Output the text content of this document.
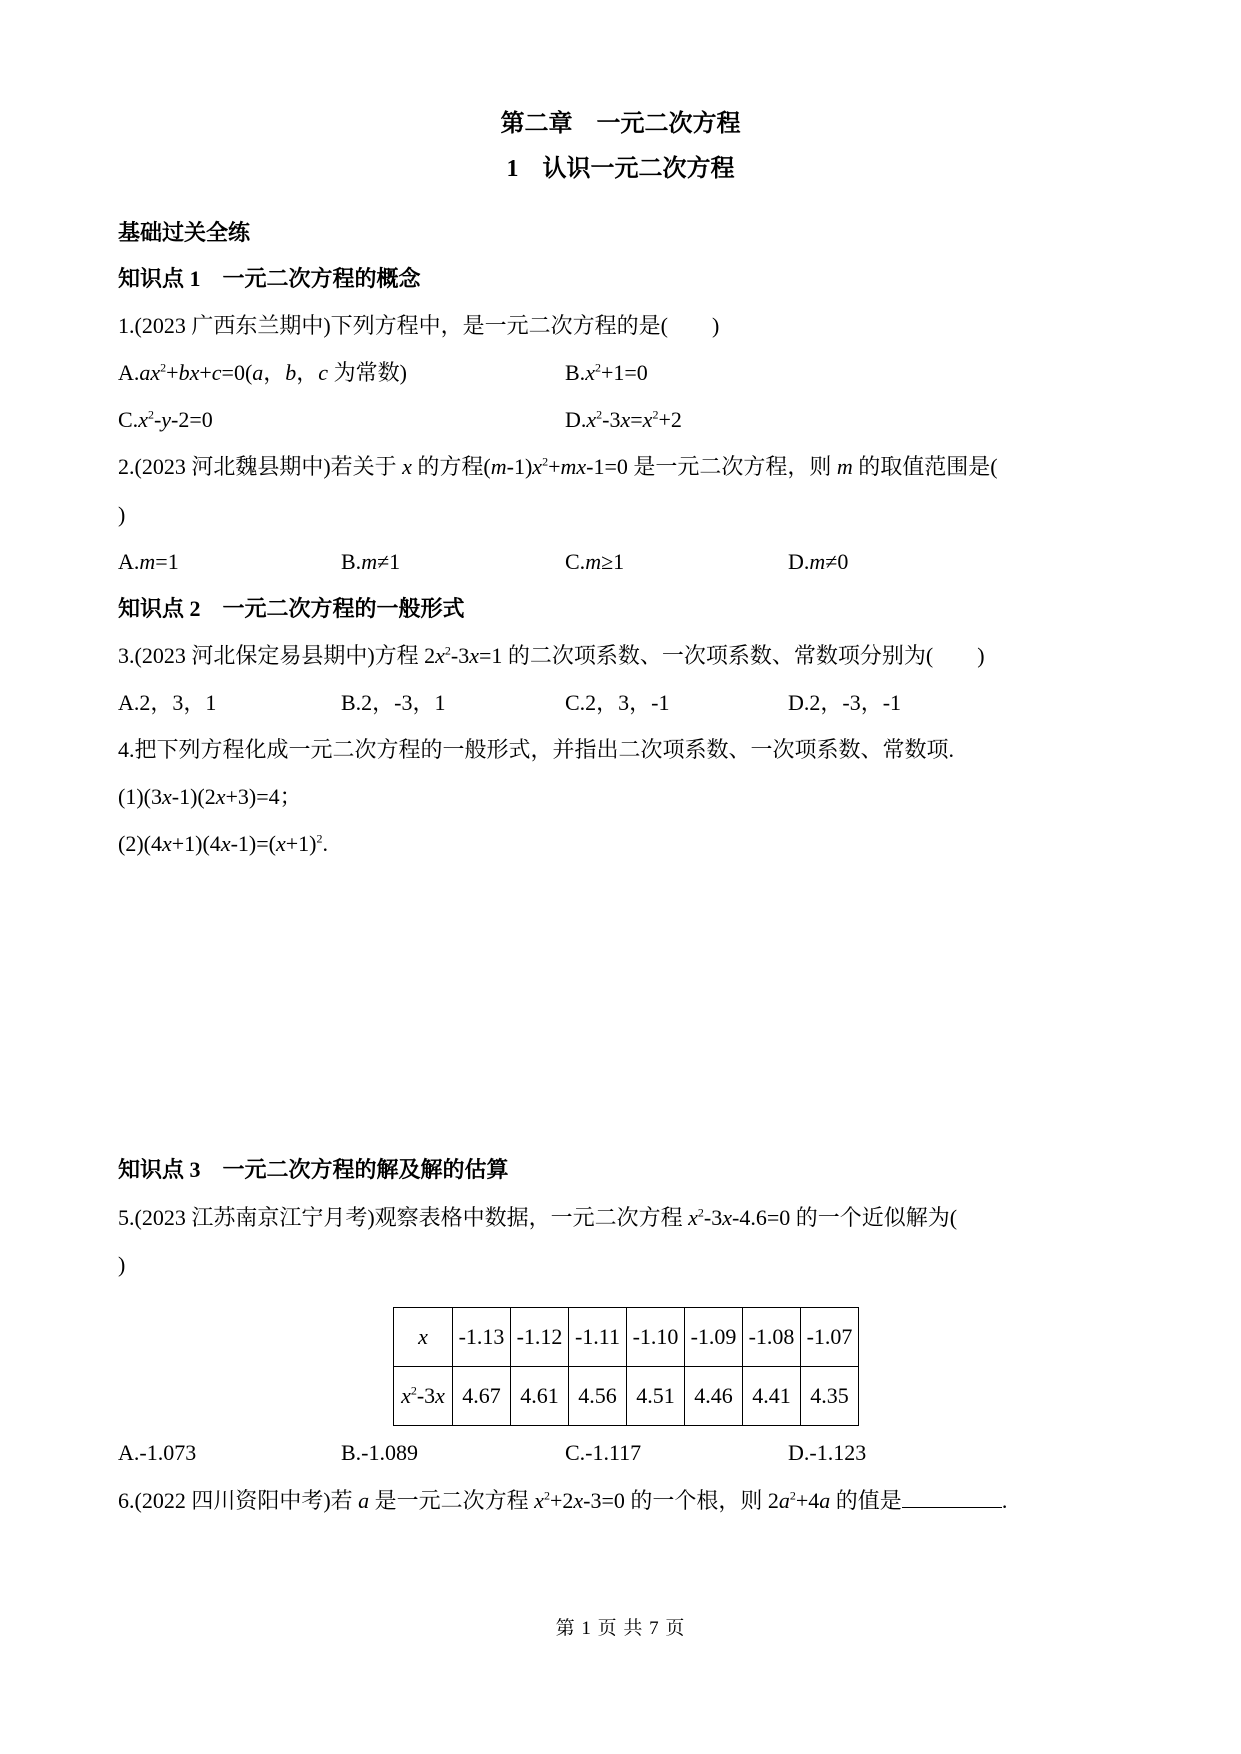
第二章　一元二次方程
1　认识一元二次方程
基础过关全练
知识点 1　一元二次方程的概念
1.(2023 广西东兰期中)下列方程中，是一元二次方程的是(　　)
$A.ax^2+bx+c=0(a$，b，c 为常数)	$B.x^2+1=0$
$C.x^2-y-2=0$	$D.x^2-3x=x^2+2$
2.(2023 河北魏县期中)若关于 x 的方程$(m-1)x^2+mx-1=0$ 是一元二次方程，则 m 的取值范围是(
)
A.m=1	B.m≠1	C.m≥1	D.m≠0
知识点 2　一元二次方程的一般形式
3.(2023 河北保定易县期中)方程 $2x^2-3x=1$ 的二次项系数、一次项系数、常数项分别为(　　)
A.2，3，1	B.2，-3，1	C.2，3，-1	D.2，-3，-1
4.把下列方程化成一元二次方程的一般形式，并指出二次项系数、一次项系数、常数项.
(1)(3x-1)(2x+3)=4；
$(2)(4x+1)(4x-1)=(x+1)^2$.
知识点 3　一元二次方程的解及解的估算
5.(2023 江苏南京江宁月考)观察表格中数据，一元二次方程 $x^2-3x-4.6=0$ 的一个近似解为(
)
x	-1.13	-1.12	-1.11	-1.10	-1.09	-1.08	-1.07
$x^2-3x$	4.67	4.61	4.56	4.51	4.46	4.41	4.35
A.-1.073	B.-1.089	C.-1.117	D.-1.123
6.(2022 四川资阳中考)若 a 是一元二次方程 $x^2+2x-3=0$ 的一个根，则 $2a^2+4a$ 的值是	.
第 1 页 共 7 页
